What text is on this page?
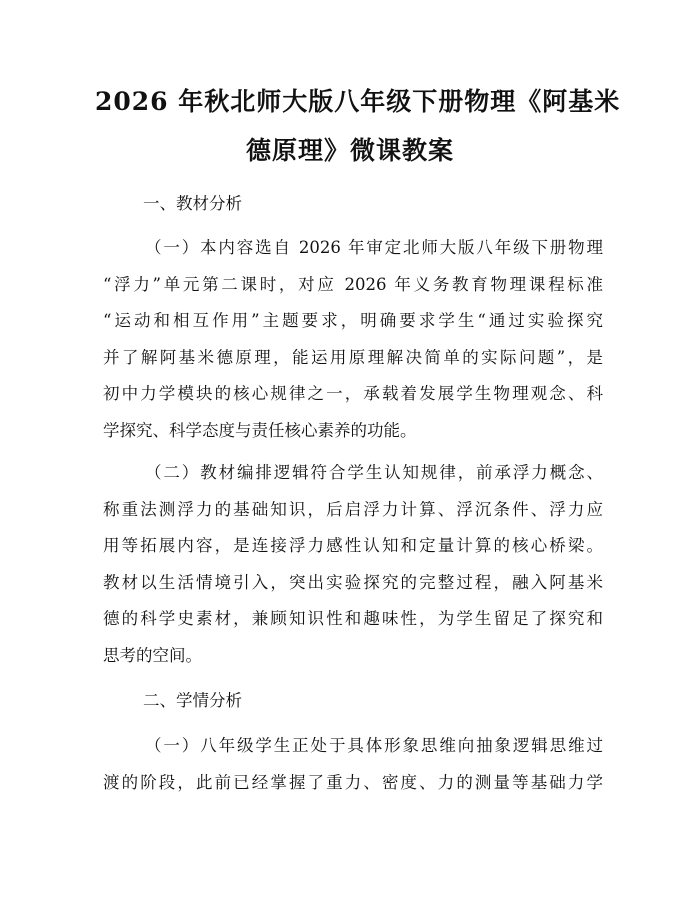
2026 年秋北师大版八年级下册物理《阿基米
德原理》微课教案
一、教材分析
（一）本内容选自 2026 年审定北师大版八年级下册物理
“浮力”单元第二课时，对应 2026 年义务教育物理课程标准
“运动和相互作用”主题要求，明确要求学生“通过实验探究
并了解阿基米德原理，能运用原理解决简单的实际问题”，是
初中力学模块的核心规律之一，承载着发展学生物理观念、科
学探究、科学态度与责任核心素养的功能。
（二）教材编排逻辑符合学生认知规律，前承浮力概念、
称重法测浮力的基础知识，后启浮力计算、浮沉条件、浮力应
用等拓展内容，是连接浮力感性认知和定量计算的核心桥梁。
教材以生活情境引入，突出实验探究的完整过程，融入阿基米
德的科学史素材，兼顾知识性和趣味性，为学生留足了探究和
思考的空间。
二、学情分析
（一）八年级学生正处于具体形象思维向抽象逻辑思维过
渡的阶段，此前已经掌握了重力、密度、力的测量等基础力学
